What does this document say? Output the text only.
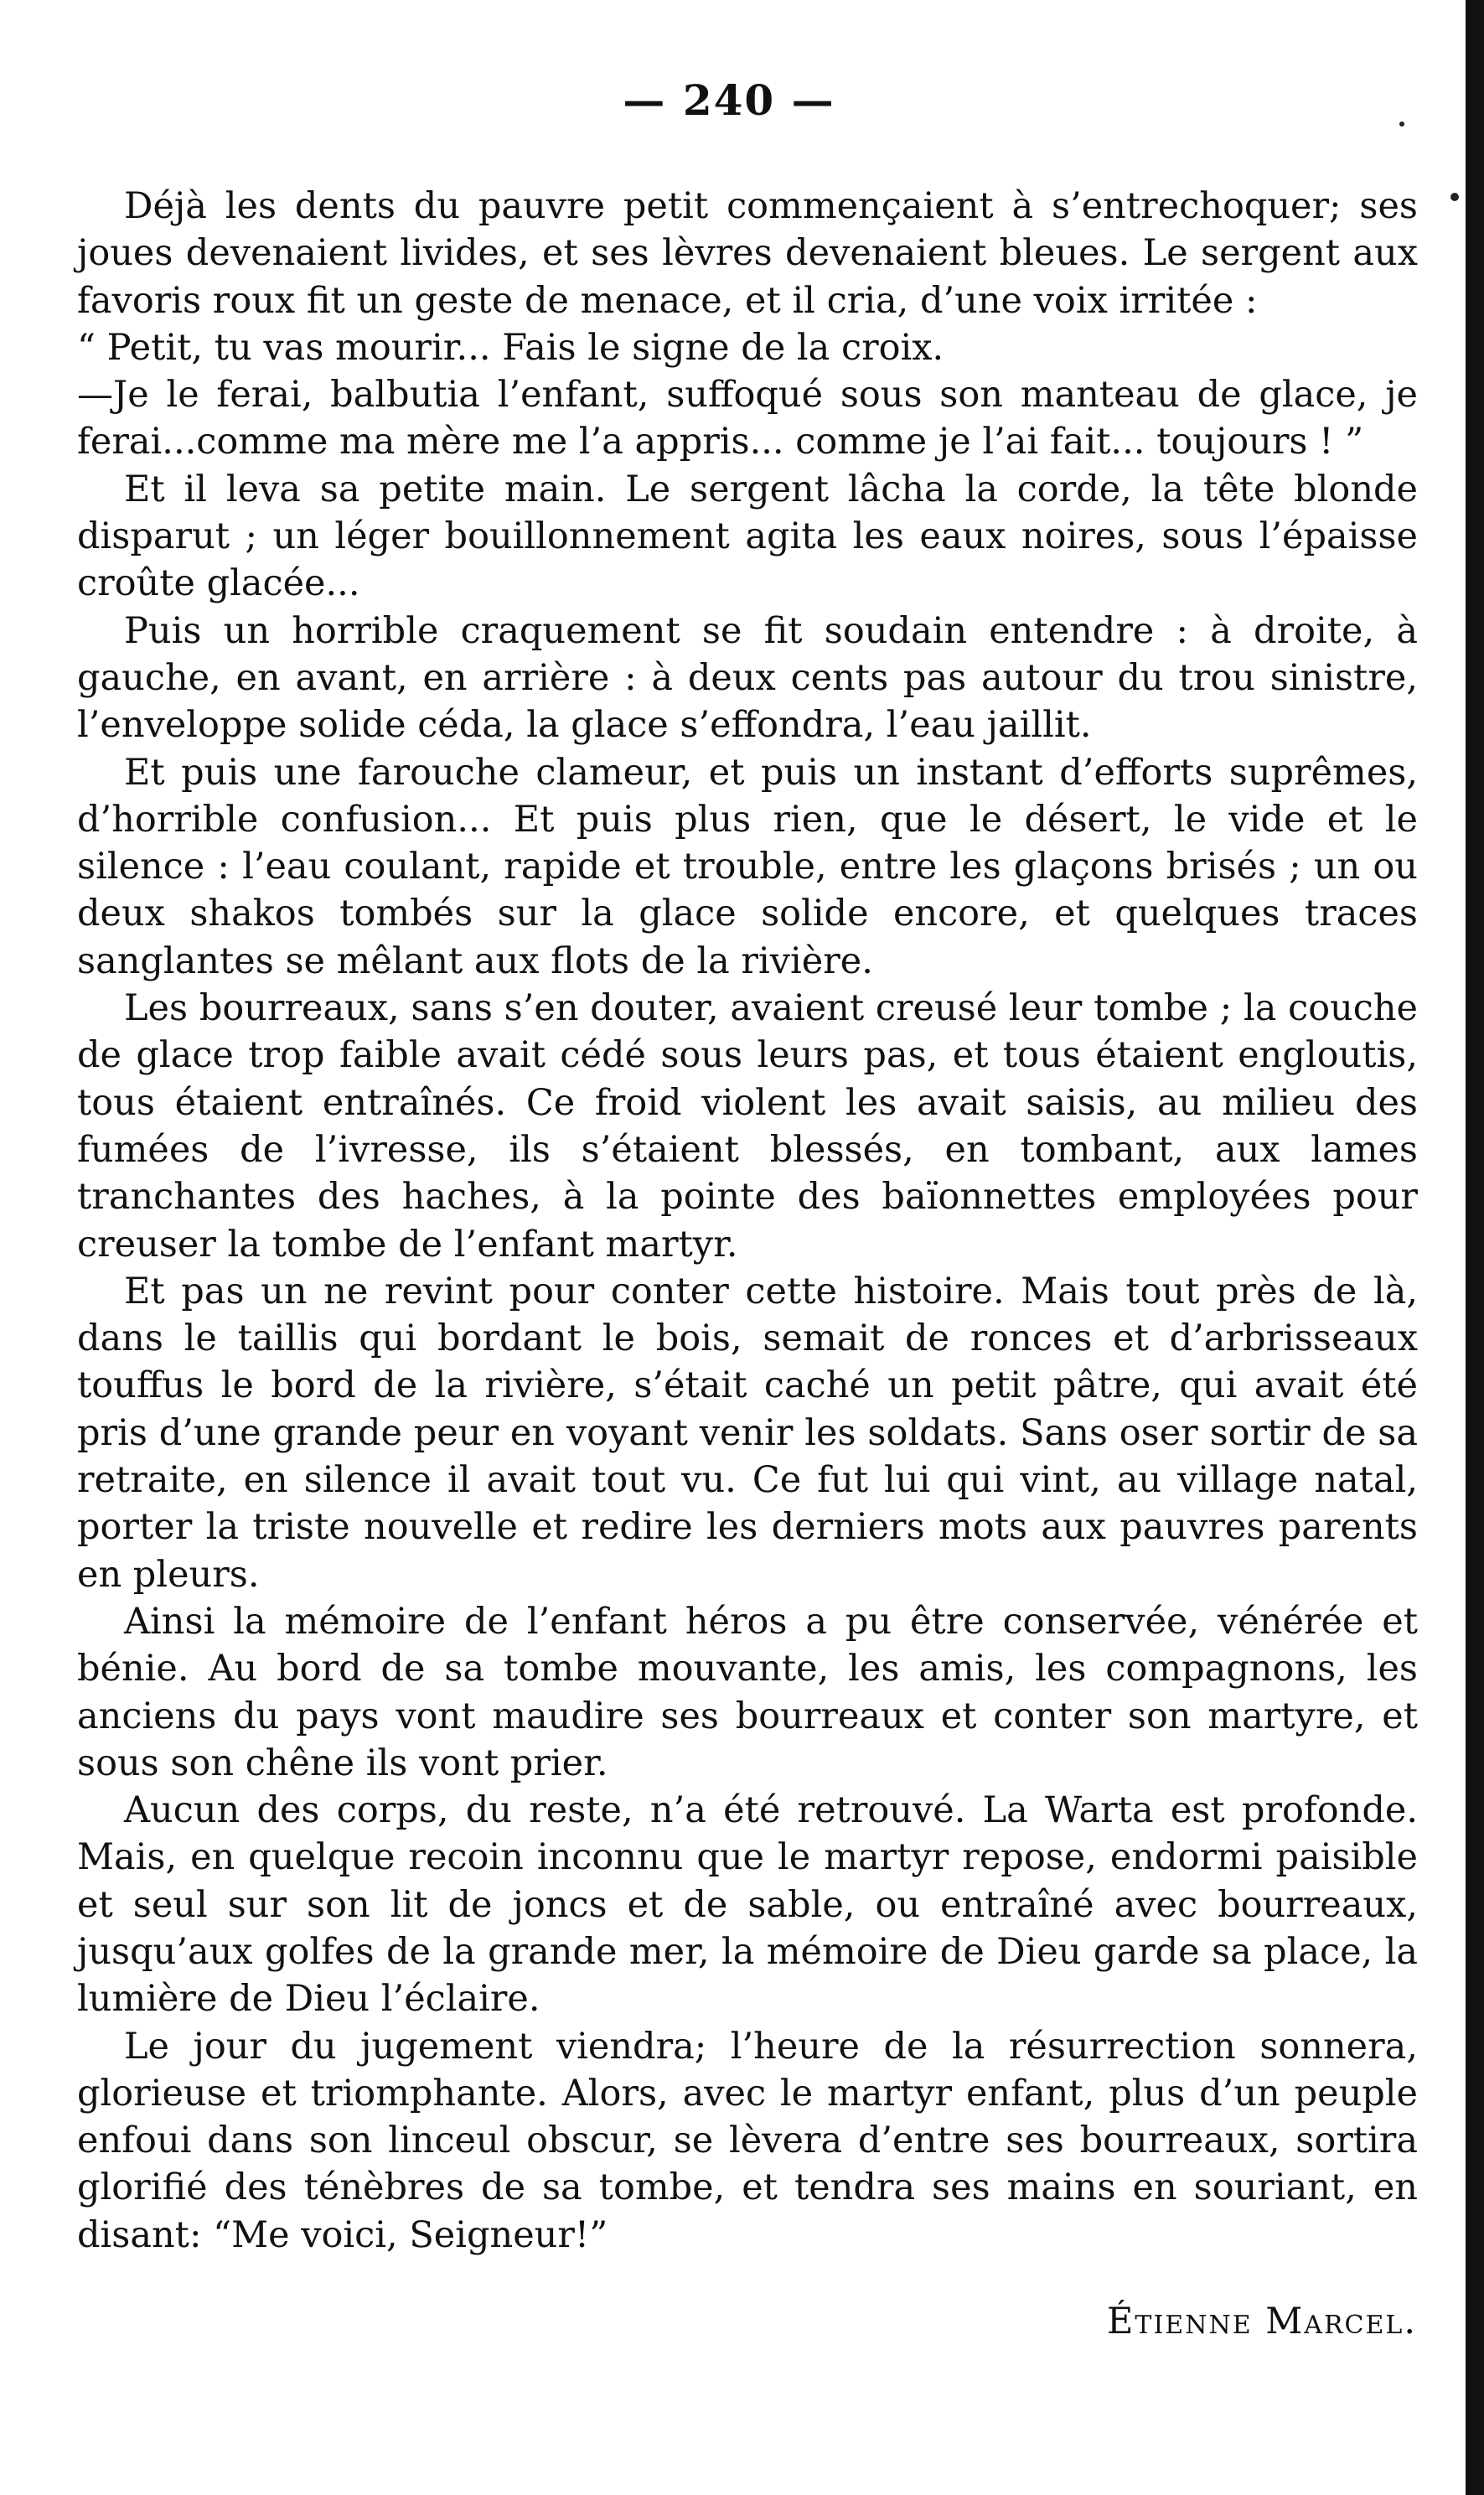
— 240 —

Déjà les dents du pauvre petit commençaient à s’entrechoquer; ses joues devenaient livides, et ses lèvres devenaient bleues. Le sergent aux favoris roux fit un geste de menace, et il cria, d’une voix irritée :

“ Petit, tu vas mourir... Fais le signe de la croix.

—Je le ferai, balbutia l’enfant, suffoqué sous son manteau de glace, je ferai...comme ma mère me l’a appris... comme je l’ai fait... toujours ! ”

Et il leva sa petite main. Le sergent lâcha la corde, la tête blonde disparut ; un léger bouillonnement agita les eaux noires, sous l’épaisse croûte glacée...

Puis un horrible craquement se fit soudain entendre : à droite, à gauche, en avant, en arrière : à deux cents pas autour du trou sinistre, l’enveloppe solide céda, la glace s’effondra, l’eau jaillit.

Et puis une farouche clameur, et puis un instant d’efforts suprêmes, d’horrible confusion... Et puis plus rien, que le désert, le vide et le silence : l’eau coulant, rapide et trouble, entre les glaçons brisés ; un ou deux shakos tombés sur la glace solide encore, et quelques traces sanglantes se mêlant aux flots de la rivière.

Les bourreaux, sans s’en douter, avaient creusé leur tombe ; la couche de glace trop faible avait cédé sous leurs pas, et tous étaient engloutis, tous étaient entraînés. Ce froid violent les avait saisis, au milieu des fumées de l’ivresse, ils s’étaient blessés, en tombant, aux lames tranchantes des haches, à la pointe des baïonnettes employées pour creuser la tombe de l’enfant martyr.

Et pas un ne revint pour conter cette histoire. Mais tout près de là, dans le taillis qui bordant le bois, semait de ronces et d’arbrisseaux touffus le bord de la rivière, s’était caché un petit pâtre, qui avait été pris d’une grande peur en voyant venir les soldats. Sans oser sortir de sa retraite, en silence il avait tout vu. Ce fut lui qui vint, au village natal, porter la triste nouvelle et redire les derniers mots aux pauvres parents en pleurs.

Ainsi la mémoire de l’enfant héros a pu être conservée, vénérée et bénie. Au bord de sa tombe mouvante, les amis, les compagnons, les anciens du pays vont maudire ses bourreaux et conter son martyre, et sous son chêne ils vont prier.

Aucun des corps, du reste, n’a été retrouvé. La Warta est profonde. Mais, en quelque recoin inconnu que le martyr repose, endormi paisible et seul sur son lit de joncs et de sable, ou entraîné avec bourreaux, jusqu’aux golfes de la grande mer, la mémoire de Dieu garde sa place, la lumière de Dieu l’éclaire.

Le jour du jugement viendra; l’heure de la résurrection sonnera, glorieuse et triomphante. Alors, avec le martyr enfant, plus d’un peuple enfoui dans son linceul obscur, se lèvera d’entre ses bourreaux, sortira glorifié des ténèbres de sa tombe, et tendra ses mains en souriant, en disant: “Me voici, Seigneur!”

Étienne Marcel.
